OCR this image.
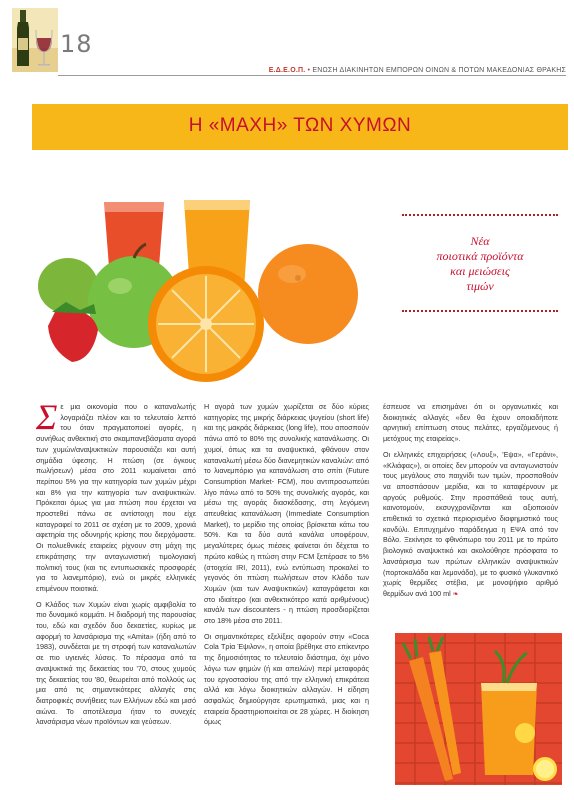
18
Ε.Δ.Ε.Ο.Π. • ΕΝΩΣΗ ΔΙΑΚΙΝΗΤΩΝ ΕΜΠΟΡΩΝ ΟΙΝΩΝ & ΠΟΤΩΝ ΜΑΚΕΔΟΝΙΑΣ ΘΡΑΚΗΣ
Η «ΜΑΧΗ» ΤΩΝ ΧΥΜΩΝ
Νέα
ποιοτικά προϊόντα
και μειώσεις
τιμών

Σ ε μια οικονομία που ο καταναλωτής λογαριάζει πλέον και το τελευταίο λεπτό του όταν πραγματοποιεί αγορές, η συνήθως ανθεκτική στο σκαμπανεβάσματα αγορά των χυμών/αναψυκτικών παρουσιάζει και αυτή σημάδια ύφεσης. Η πτώση (σε όγκους πωλήσεων) μέσα στο 2011 κυμαίνεται από περίπου 5% για την κατηγορία των χυμών μέχρι και 8% για την κατηγορία των αναψυκτικών. Πρόκειται όμως για μια πτώση που έρχεται να προστεθεί πάνω σε αντίστοιχη που είχε καταγραφεί το 2011 σε σχέση με το 2009, χρονιά αφετηρία της οδυνηρής κρίσης που διερχόμαστε. Οι πολυεθνικές εταιρείες ρίχνουν στη μάχη της επικράτησης την ανταγωνιστική τιμολογιακή πολιτική τους (και τις εντυπωσιακές προσφορές για το λιανεμπόριο), ενώ οι μικρές ελληνικές επιμένουν ποιοτικά.

Ο Κλάδος των Χυμών είναι χωρίς αμφιβολία το πιο δυναμικό κομμάτι. Η διαδρομή της παρουσίας του, εδώ και σχεδόν δυο δεκαετίες, κυρίως με αφορμή το λανσάρισμα της «Amita» (ήδη από το 1983), συνδέεται με τη στροφή των καταναλωτών σε πιο υγιεινές λύσεις. Το πέρασμα από τα αναψυκτικά της δεκαετίας του '70, στους χυμούς της δεκαετίας του '80, θεωρείται από πολλούς ως μια από τις σημαντικότερες αλλαγές στις διατροφικές συνήθειες των Ελλήνων εδώ και μισό αιώνα. Το αποτέλεσμα ήταν το συνεχές λανσάρισμα νέων προϊόντων και γεύσεων.

Η αγορά των χυμών χωρίζεται σε δύο κύριες κατηγορίες της μικρής διάρκειας ψυγείου (short life) και της μακράς διάρκειας (long life), που αποσπούν πάνω από το 80% της συνολικής κατανάλωσης. Οι χυμοί, όπως και τα αναψυκτικά, φθάνουν στον καταναλωτή μέσω δύο διανεμητικών καναλιών: από το λιανεμπόριο για κατανάλωση στο σπίτι (Future Consumption Market- FCM), που αντιπροσωπεύει λίγο πάνω από το 50% της συνολικής αγοράς, και μέσω της αγοράς διασκέδασης, στη λεγόμενη απευθείας κατανάλωση (Immediate Consumption Market), το μερίδιο της οποίας βρίσκεται κάτω του 50%. Και τα δύο αυτά κανάλια υποφέρουν, μεγαλύτερες όμως πιέσεις φαίνεται ότι δέχεται το πρώτο καθώς η πτώση στην FCM ξεπέρασε το 5% (στοιχεία IRI, 2011), ενώ εντύπωση προκαλεί το γεγονός ότι πτώση πωλήσεων στον Κλάδο των Χυμών (και των Αναψυκτικών) καταγράφεται και στο ιδιαίτερο (και ανθεκτικότερο κατά αριθμένους) κανάλι των discounters - η πτώση προσδιορίζεται στο 18% μέσα στο 2011.

Οι σημαντικότερες εξελίξεις αφορούν στην «Coca Cola Τρία Έψιλον», η οποία βρέθηκε στο επίκεντρο της δημοσιότητας το τελευταίο διάστημα, όχι μόνο λόγω των φημών (ή και απειλών) περί μεταφοράς του εργοστασίου της από την ελληνική επικράτεια αλλά και λόγω διοικητικών αλλαγών. Η είδηση ασφαλώς δημιούργησε ερωτηματικά, μιας και η εταιρεία δραστηριοποιείται σε 28 χώρες. Η διοίκηση όμως

έσπευσε να επισημάνει ότι οι οργανωτικές και διοικητικές αλλαγές «δεν θα έχουν οποιαδήποτε αρνητική επίπτωση στους πελάτες, εργαζόμενους ή μετόχους της εταιρείας».

Οι ελληνικές επιχειρήσεις («Λουξ», 'Εψα», «Γεράνι», «Κλιάφας»), οι οποίες δεν μπορούν να ανταγωνιστούν τους μεγάλους στο παιχνίδι των τιμών, προσπαθούν να αποσπάσουν μερίδια, και το καταφέρνουν με αργούς ρυθμούς. Στην προσπάθειά τους αυτή, καινοτομούν, εκσυγχρονίζονται και αξιοποιούν επιθετικά το σχετικά περιορισμένο διαφημιστικό τους κονδύλι. Επιτυχημένο παράδειγμα η ΕΨΑ από τον Βόλο. Ξεκίνησε το φθινόπωρο του 2011 με το πρώτο βιολογικό αναψυκτικό και ακολούθησε πρόσφατα το λανσάρισμα των πρώτων ελληνικών αναψυκτικών (πορτοκαλάδα και λεμονάδα), με το φυσικό γλυκαντικό χωρίς θερμίδες στέβια, με μονοψήφιο αριθμό θερμίδων ανά 100 ml ❧
